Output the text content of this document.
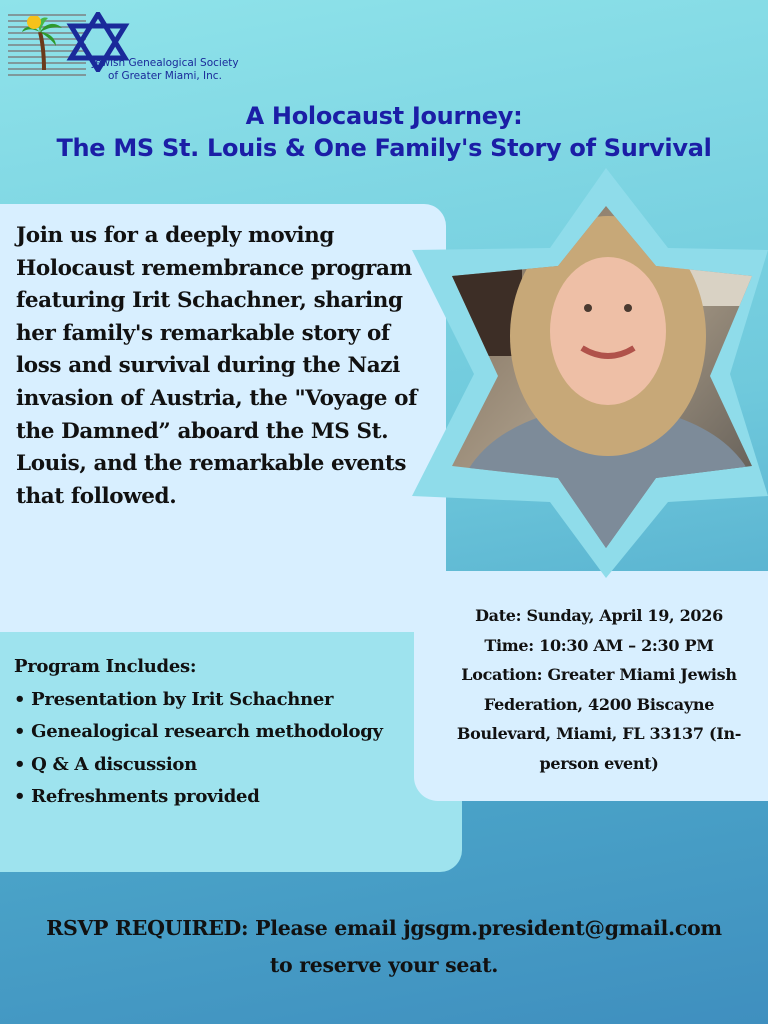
Jewish Genealogical Society
of Greater Miami, Inc.
A Holocaust Journey:
The MS St. Louis & One Family's Story of Survival

Join us for a deeply moving Holocaust remembrance program featuring Irit Schachner, sharing her family's remarkable story of loss and survival during the Nazi invasion of Austria, the "Voyage of the Damned” aboard the MS St. Louis, and the remarkable events that followed.

Program Includes:
• Presentation by Irit Schachner
• Genealogical research methodology
• Q & A discussion
• Refreshments provided
Date: Sunday, April 19, 2026
Time: 10:30 AM – 2:30 PM
Location: Greater Miami Jewish Federation, 4200 Biscayne Boulevard, Miami, FL 33137 (In-person event)
RSVP REQUIRED: Please email jgsgm.president@gmail.com
to reserve your seat.
